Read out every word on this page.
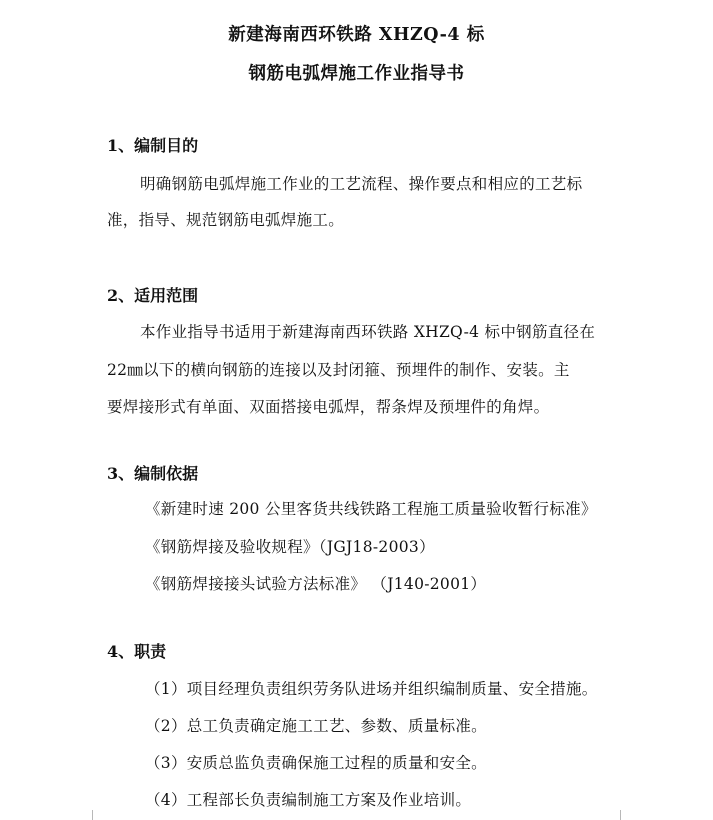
新建海南西环铁路 XHZQ-4 标
钢筋电弧焊施工作业指导书
1、编制目的
明确钢筋电弧焊施工作业的工艺流程、操作要点和相应的工艺标
准，指导、规范钢筋电弧焊施工。
2、适用范围
本作业指导书适用于新建海南西环铁路 XHZQ-4 标中钢筋直径在
22㎜以下的横向钢筋的连接以及封闭箍、预埋件的制作、安装。主
要焊接形式有单面、双面搭接电弧焊，帮条焊及预埋件的角焊。
3、编制依据
《新建时速 200 公里客货共线铁路工程施工质量验收暂行标准》
《钢筋焊接及验收规程》（JGJ18-2003）
《钢筋焊接接头试验方法标准》 （J140-2001）
4、职责
（1）项目经理负责组织劳务队进场并组织编制质量、安全措施。
（2）总工负责确定施工工艺、参数、质量标准。
（3）安质总监负责确保施工过程的质量和安全。
（4）工程部长负责编制施工方案及作业培训。
